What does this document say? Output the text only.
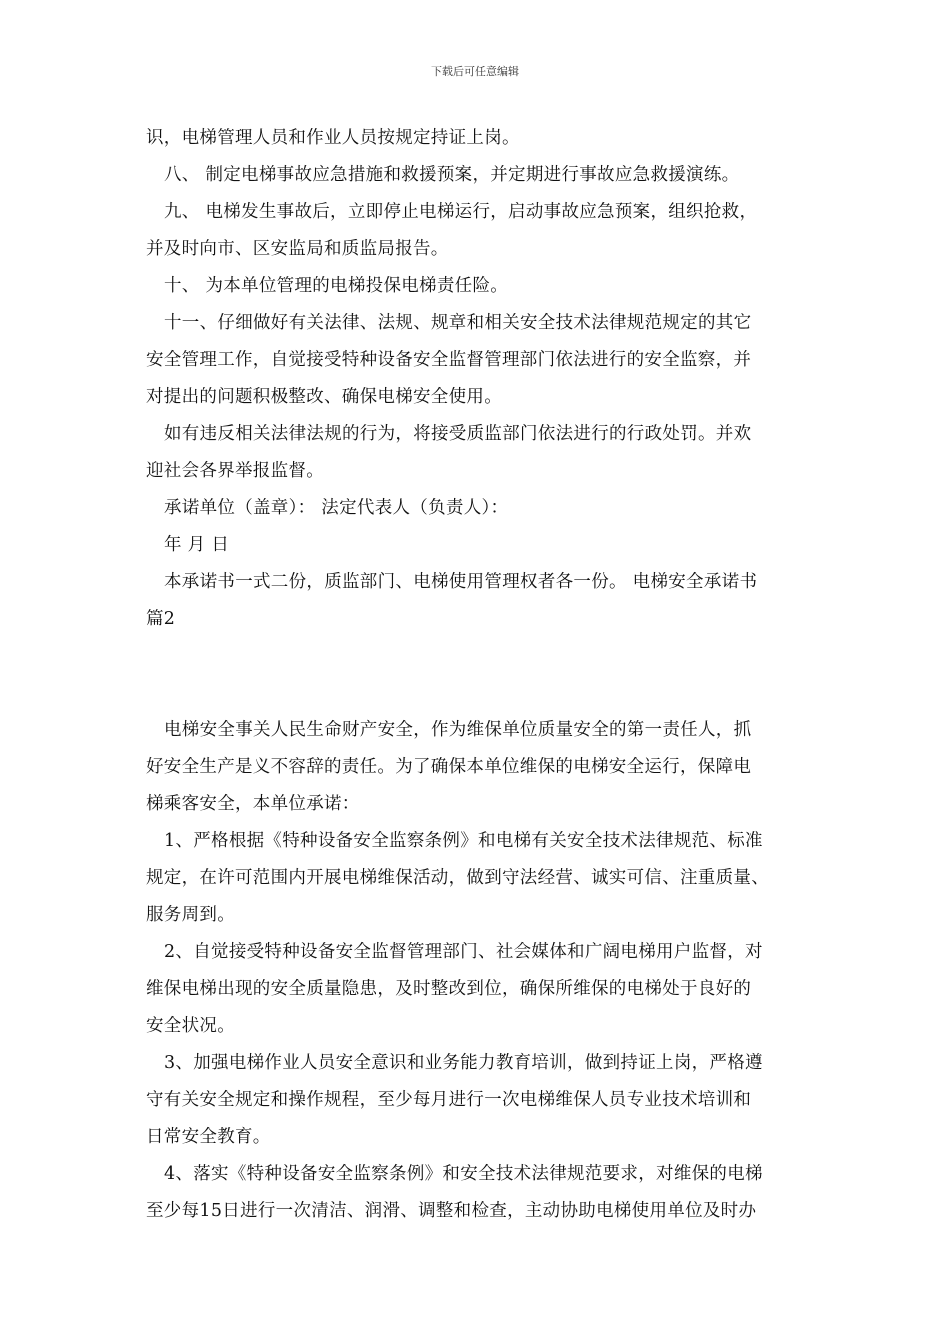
下载后可任意编辑
识，电梯管理人员和作业人员按规定持证上岗。
八、 制定电梯事故应急措施和救援预案，并定期进行事故应急救援演练。
九、 电梯发生事故后，立即停止电梯运行，启动事故应急预案，组织抢救，
并及时向市、区安监局和质监局报告。
十、 为本单位管理的电梯投保电梯责任险。
十一、仔细做好有关法律、法规、规章和相关安全技术法律规范规定的其它
安全管理工作，自觉接受特种设备安全监督管理部门依法进行的安全监察，并
对提出的问题积极整改、确保电梯安全使用。
如有违反相关法律法规的行为，将接受质监部门依法进行的行政处罚。并欢
迎社会各界举报监督。
承诺单位（盖章）： 法定代表人（负责人）：
年 月 日
本承诺书一式二份，质监部门、电梯使用管理权者各一份。 电梯安全承诺书
篇2
电梯安全事关人民生命财产安全，作为维保单位质量安全的第一责任人，抓
好安全生产是义不容辞的责任。为了确保本单位维保的电梯安全运行，保障电
梯乘客安全，本单位承诺：
1、严格根据《特种设备安全监察条例》和电梯有关安全技术法律规范、标准
规定，在许可范围内开展电梯维保活动，做到守法经营、诚实可信、注重质量、
服务周到。
2、自觉接受特种设备安全监督管理部门、社会媒体和广阔电梯用户监督，对
维保电梯出现的安全质量隐患，及时整改到位，确保所维保的电梯处于良好的
安全状况。
3、加强电梯作业人员安全意识和业务能力教育培训，做到持证上岗，严格遵
守有关安全规定和操作规程，至少每月进行一次电梯维保人员专业技术培训和
日常安全教育。
4、落实《特种设备安全监察条例》和安全技术法律规范要求，对维保的电梯
至少每15日进行一次清洁、润滑、调整和检查，主动协助电梯使用单位及时办
